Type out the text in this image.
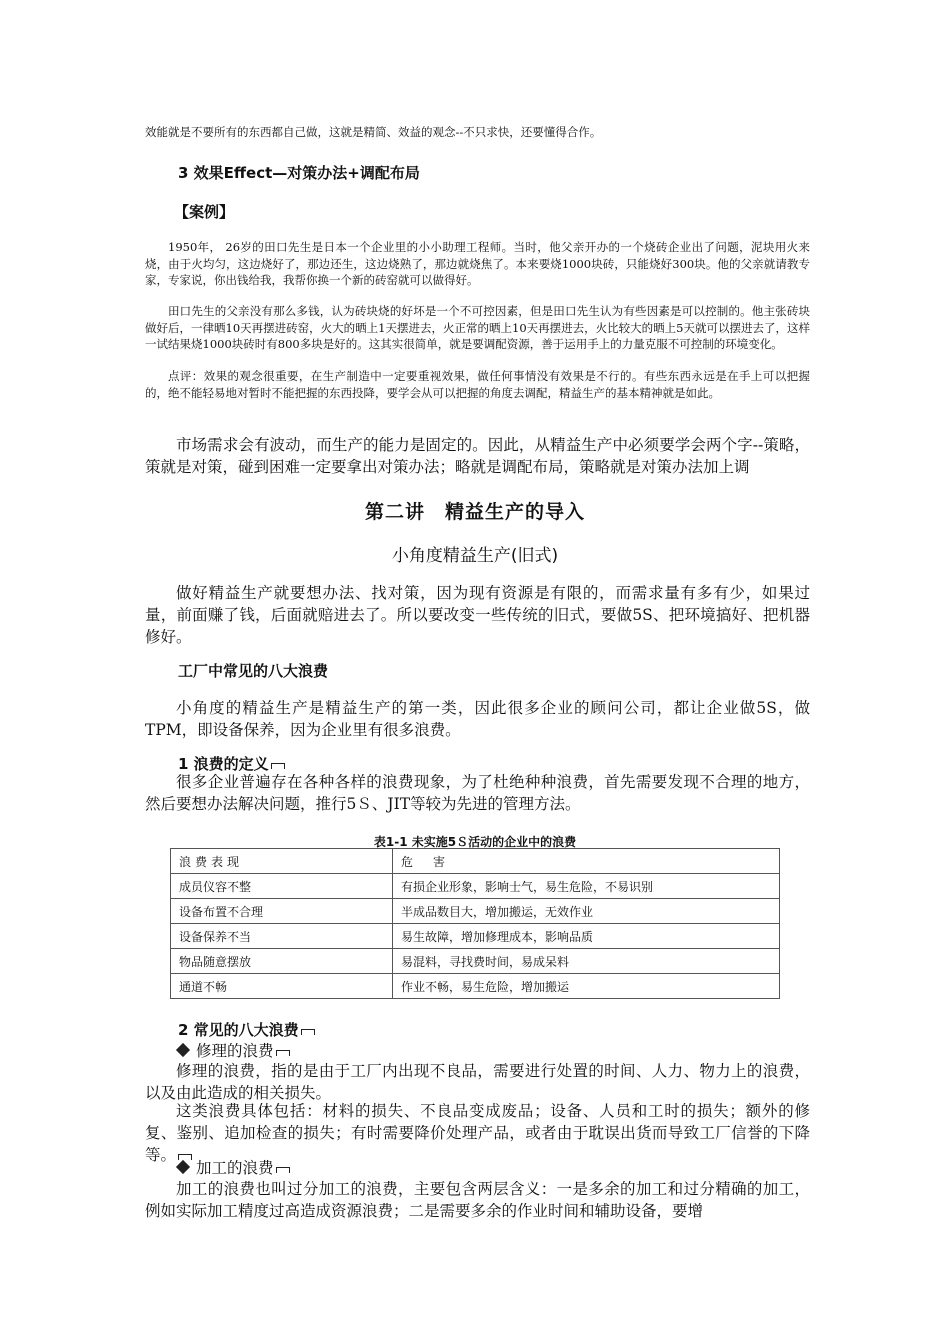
效能就是不要所有的东西都自己做，这就是精简、效益的观念--不只求快，还要懂得合作。
3 效果Effect—对策办法+调配布局
【案例】
1950年， 26岁的田口先生是日本一个企业里的小小助理工程师。当时，他父亲开办的一个烧砖企业出了问题，泥块用火来烧，由于火均匀，这边烧好了，那边还生，这边烧熟了，那边就烧焦了。本来要烧1000块砖，只能烧好300块。他的父亲就请教专家，专家说，你出钱给我，我帮你换一个新的砖窑就可以做得好。
田口先生的父亲没有那么多钱，认为砖块烧的好坏是一个不可控因素，但是田口先生认为有些因素是可以控制的。他主张砖块做好后，一律晒10天再摆进砖窑，火大的晒上1天摆进去，火正常的晒上10天再摆进去，火比较大的晒上5天就可以摆进去了，这样一试结果烧1000块砖时有800多块是好的。这其实很简单，就是要调配资源，善于运用手上的力量克服不可控制的环境变化。
点评：效果的观念很重要，在生产制造中一定要重视效果，做任何事情没有效果是不行的。有些东西永远是在手上可以把握的，绝不能轻易地对暂时不能把握的东西投降，要学会从可以把握的角度去调配，精益生产的基本精神就是如此。
市场需求会有波动，而生产的能力是固定的。因此，从精益生产中必须要学会两个字--策略，策就是对策，碰到困难一定要拿出对策办法；略就是调配布局，策略就是对策办法加上调
第二讲　精益生产的导入
小角度精益生产(旧式)
做好精益生产就要想办法、找对策，因为现有资源是有限的，而需求量有多有少，如果过量，前面赚了钱，后面就赔进去了。所以要改变一些传统的旧式，要做5S、把环境搞好、把机器修好。
工厂中常见的八大浪费
小角度的精益生产是精益生产的第一类，因此很多企业的顾问公司，都让企业做5S，做TPM，即设备保养，因为企业里有很多浪费。
1 浪费的定义
很多企业普遍存在各种各样的浪费现象，为了杜绝种种浪费，首先需要发现不合理的地方，然后要想办法解决问题，推行5Ｓ、JIT等较为先进的管理方法。
表1-1 未实施5Ｓ活动的企业中的浪费
浪费表现	危　害
成员仪容不整	有损企业形象，影响士气，易生危险，不易识别
设备布置不合理	半成品数目大，增加搬运，无效作业
设备保养不当	易生故障，增加修理成本，影响品质
物品随意摆放	易混料，寻找费时间，易成呆料
通道不畅	作业不畅，易生危险，增加搬运
2 常见的八大浪费
修理的浪费
修理的浪费，指的是由于工厂内出现不良品，需要进行处置的时间、人力、物力上的浪费，以及由此造成的相关损失。
这类浪费具体包括：材料的损失、不良品变成废品；设备、人员和工时的损失；额外的修复、鉴别、追加检查的损失；有时需要降价处理产品，或者由于耽误出货而导致工厂信誉的下降等。
加工的浪费
加工的浪费也叫过分加工的浪费，主要包含两层含义：一是多余的加工和过分精确的加工，例如实际加工精度过高造成资源浪费；二是需要多余的作业时间和辅助设备，要增
